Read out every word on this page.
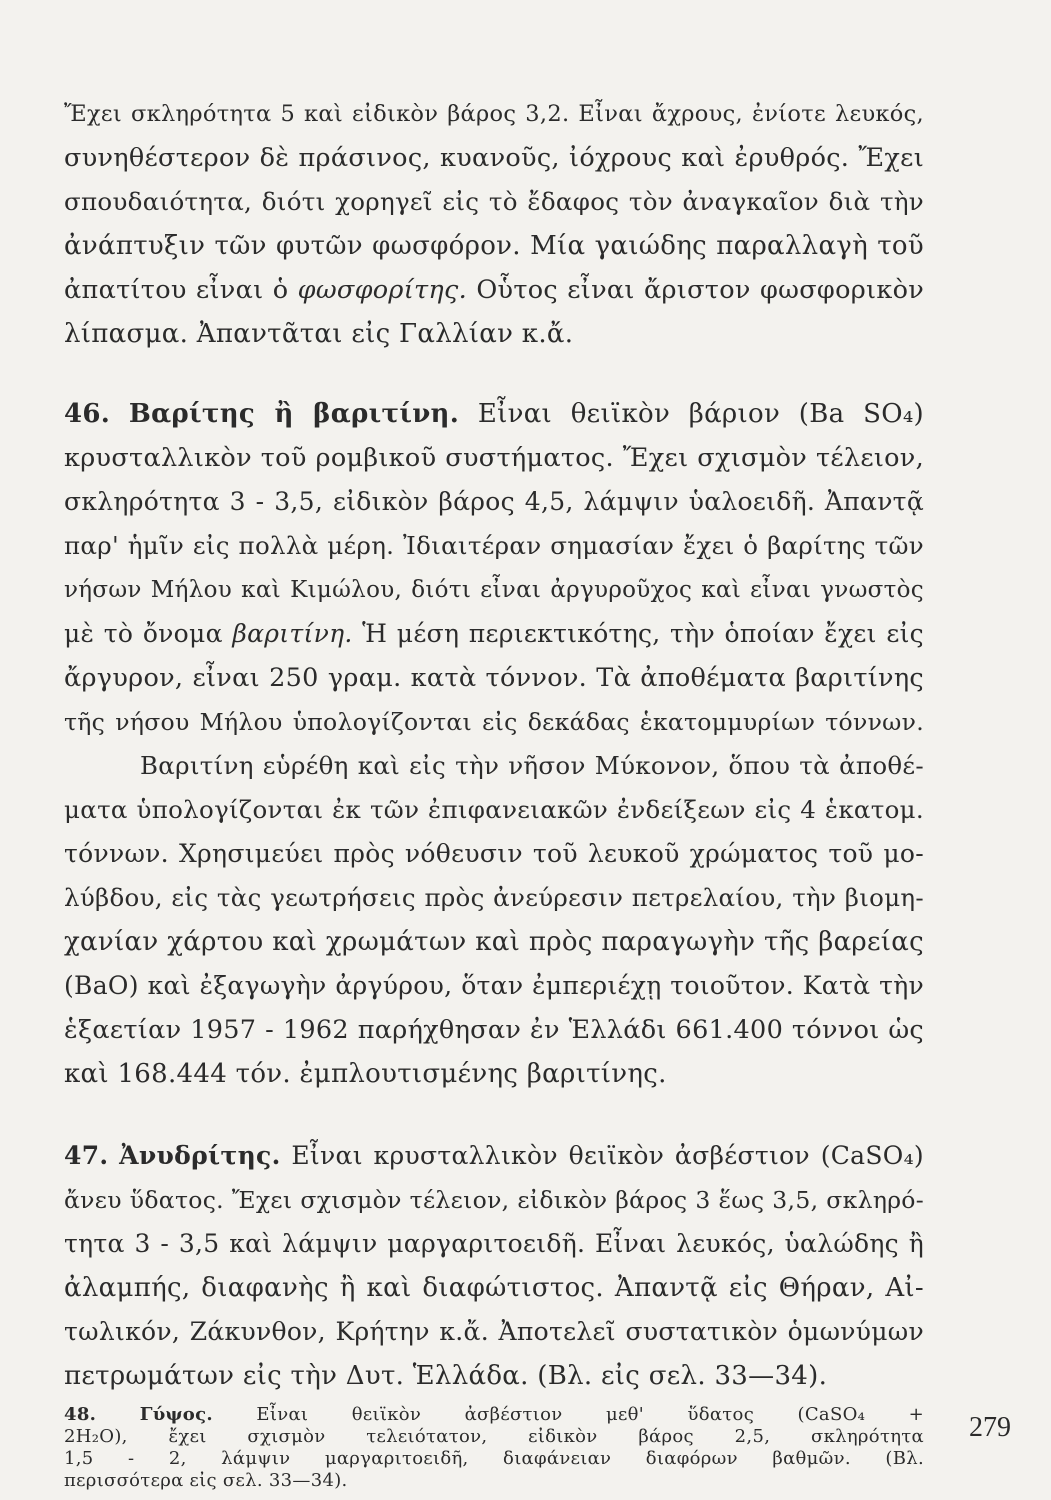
Ἔχει σκληρότητα 5 καὶ εἰδικὸν βάρος 3,2. Εἶναι ἄχρους, ἐνίοτε λευκός,
συνηθέστερον δὲ πράσινος, κυανοῦς, ἰόχρους καὶ ἐρυθρός. Ἔχει
σπουδαιότητα, διότι χορηγεῖ εἰς τὸ ἔδαφος τὸν ἀναγκαῖον διὰ τὴν
ἀνάπτυξιν τῶν φυτῶν φωσφόρον. Μία γαιώδης παραλλαγὴ τοῦ
ἀπατίτου εἶναι ὁ φωσφορίτης. Οὗτος εἶναι ἄριστον φωσφορικὸν
λίπασμα. Ἀπαντᾶται εἰς Γαλλίαν κ.ἄ.
46. Βαρίτης ἢ βαριτίνη. Εἶναι θειϊκὸν βάριον (Ba SO₄)
κρυσταλλικὸν τοῦ ρομβικοῦ συστήματος. Ἔχει σχισμὸν τέλειον,
σκληρότητα 3 - 3,5, εἰδικὸν βάρος 4,5, λάμψιν ὑαλοειδῆ. Ἀπαντᾷ
παρ' ἡμῖν εἰς πολλὰ μέρη. Ἰδιαιτέραν σημασίαν ἔχει ὁ βαρίτης τῶν
νήσων Μήλου καὶ Κιμώλου, διότι εἶναι ἀργυροῦχος καὶ εἶναι γνωστὸς
μὲ τὸ ὄνομα βαριτίνη. Ἡ μέση περιεκτικότης, τὴν ὁποίαν ἔχει εἰς
ἄργυρον, εἶναι 250 γραμ. κατὰ τόννον. Τὰ ἀποθέματα βαριτίνης
τῆς νήσου Μήλου ὑπολογίζονται εἰς δεκάδας ἑκατομμυρίων τόννων.
Βαριτίνη εὑρέθη καὶ εἰς τὴν νῆσον Μύκονον, ὅπου τὰ ἀποθέ-
ματα ὑπολογίζονται ἐκ τῶν ἐπιφανειακῶν ἐνδείξεων εἰς 4 ἑκατομ.
τόννων. Χρησιμεύει πρὸς νόθευσιν τοῦ λευκοῦ χρώματος τοῦ μο-
λύβδου, εἰς τὰς γεωτρήσεις πρὸς ἀνεύρεσιν πετρελαίου, τὴν βιομη-
χανίαν χάρτου καὶ χρωμάτων καὶ πρὸς παραγωγὴν τῆς βαρείας
(BaO) καὶ ἐξαγωγὴν ἀργύρου, ὅταν ἐμπεριέχῃ τοιοῦτον. Κατὰ τὴν
ἑξαετίαν 1957 - 1962 παρήχθησαν ἐν Ἑλλάδι 661.400 τόννοι ὡς
καὶ 168.444 τόν. ἐμπλουτισμένης βαριτίνης.
47. Ἀνυδρίτης. Εἶναι κρυσταλλικὸν θειϊκὸν ἀσβέστιον (CaSO₄)
ἄνευ ὕδατος. Ἔχει σχισμὸν τέλειον, εἰδικὸν βάρος 3 ἕως 3,5, σκληρό-
τητα 3 - 3,5 καὶ λάμψιν μαργαριτοειδῆ. Εἶναι λευκός, ὑαλώδης ἢ
ἀλαμπής, διαφανὴς ἢ καὶ διαφώτιστος. Ἀπαντᾷ εἰς Θήραν, Αἰ-
τωλικόν, Ζάκυνθον, Κρήτην κ.ἄ. Ἀποτελεῖ συστατικὸν ὁμωνύμων
πετρωμάτων εἰς τὴν Δυτ. Ἑλλάδα. (Βλ. εἰς σελ. 33—34).
48. Γύψος. Εἶναι θειϊκὸν ἀσβέστιον μεθ' ὕδατος (CaSO₄ +
2H₂O), ἔχει σχισμὸν τελειότατον, εἰδικὸν βάρος 2,5, σκληρότητα
1,5 - 2, λάμψιν μαργαριτοειδῆ, διαφάνειαν διαφόρων βαθμῶν. (Βλ.
περισσότερα εἰς σελ. 33—34).
279
